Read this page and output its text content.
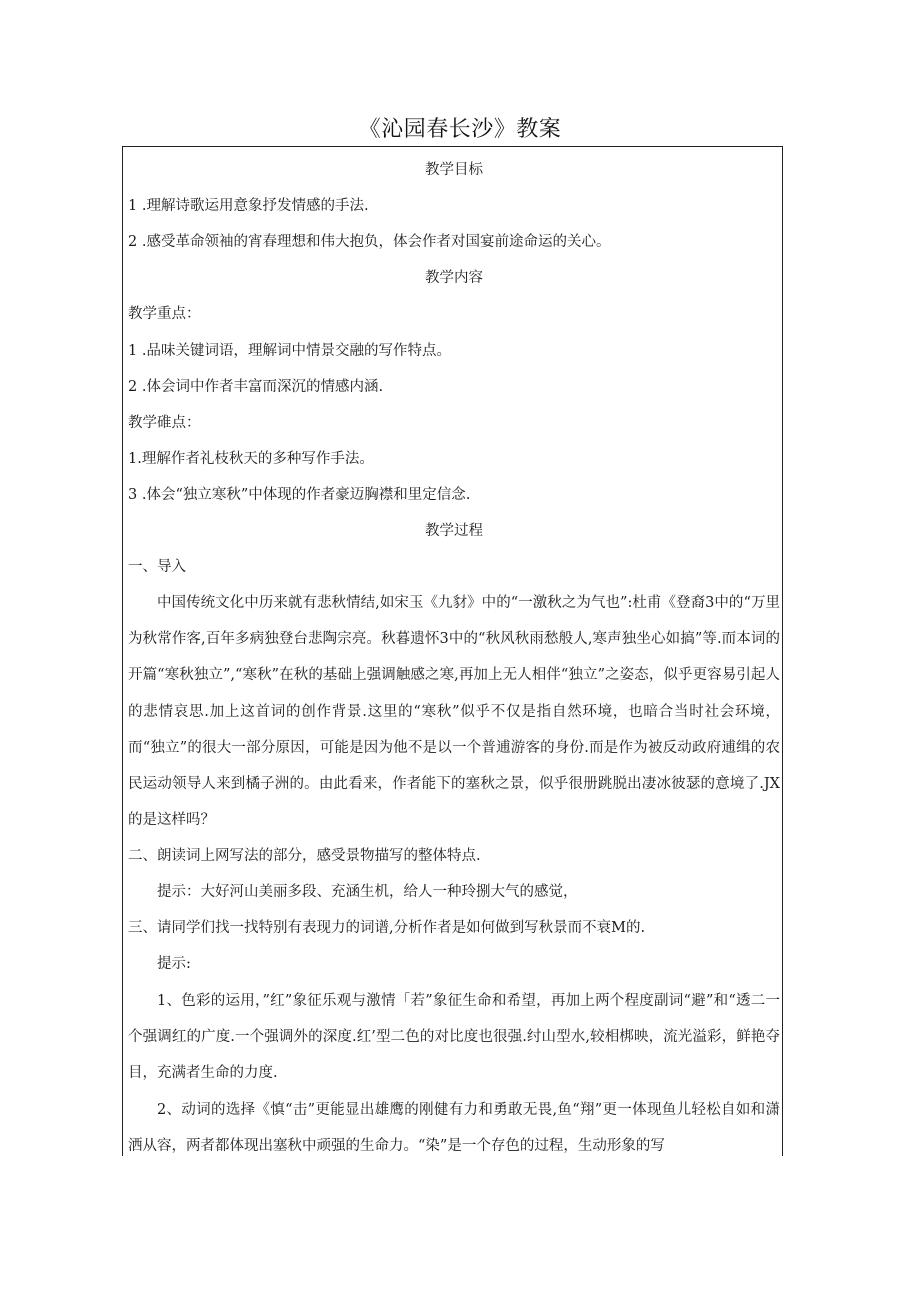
《沁园春长沙》教案
教学目标
1 .理解诗歌运用意象抒发情感的手法.
2 .感受革命领袖的宵春理想和伟大抱负，体会作者对国宴前途命运的关心。
教学内容
教学重点：
1 .品味关键词语，理解词中情景交融的写作特点。
2 .体会词中作者丰富而深沉的情感内涵.
教学碓点：
1.理解作者礼枝秋天的多种写作手法。
3 .体会“独立寒秋”中体现的作者豪迈胸襟和里定信念.
教学过程
一、导入
中国传统文化中历来就有悲秋情结,如宋玉《九豺》中的“一激秋之为气也”:杜甫《登裔3中的“万里为秋常作客,百年多病独登台悲陶宗亮。秋暮遗怀3中的“秋风秋雨愁般人,寒声独坐心如搞”等.而本词的开篇“寒秋独立”,“寒秋”在秋的基础上强调触感之寒,再加上无人相伴“独立”之姿态，似乎更容易引起人的悲情哀思.加上这首词的创作背景.这里的“寒秋”似乎不仅是指自然环境，也暗合当时社会环境，而“独立”的很大一部分原因，可能是因为他不是以一个普逋游客的身份.而是作为被反动政府逋缉的农民运动领导人来到橘子洲的。由此看来，作者能下的塞秋之景，似乎很册跳脱出凄冰彼瑟的意境了.JX的是这样吗？
二、朗读词上网写法的部分，感受景物描写的整体特点.
提示：大好河山美丽多段、充涵生机，给人一种玲捌大气的感觉，
三、请同学们找一找特别有表现力的词谱,分析作者是如何做到写秋景而不衰M的.
提示:
1、色彩的运用，”红”象征乐观与激情「若”象征生命和希望，再加上两个程度副词“避”和“透二一个强调红的广度.一个强调外的深度.红’型二色的对比度也很强.纣山型水,较相梆映，流光溢彩，鲜艳夺目，充满者生命的力度.
2、动词的选择《慎“击”更能显出雄鹰的刚健有力和勇敢无畏,鱼“翔”更一体现鱼儿轻松自如和潇洒从容，两者都体现出塞秋中顽强的生命力。“染”是一个存色的过程，生动形象的写
